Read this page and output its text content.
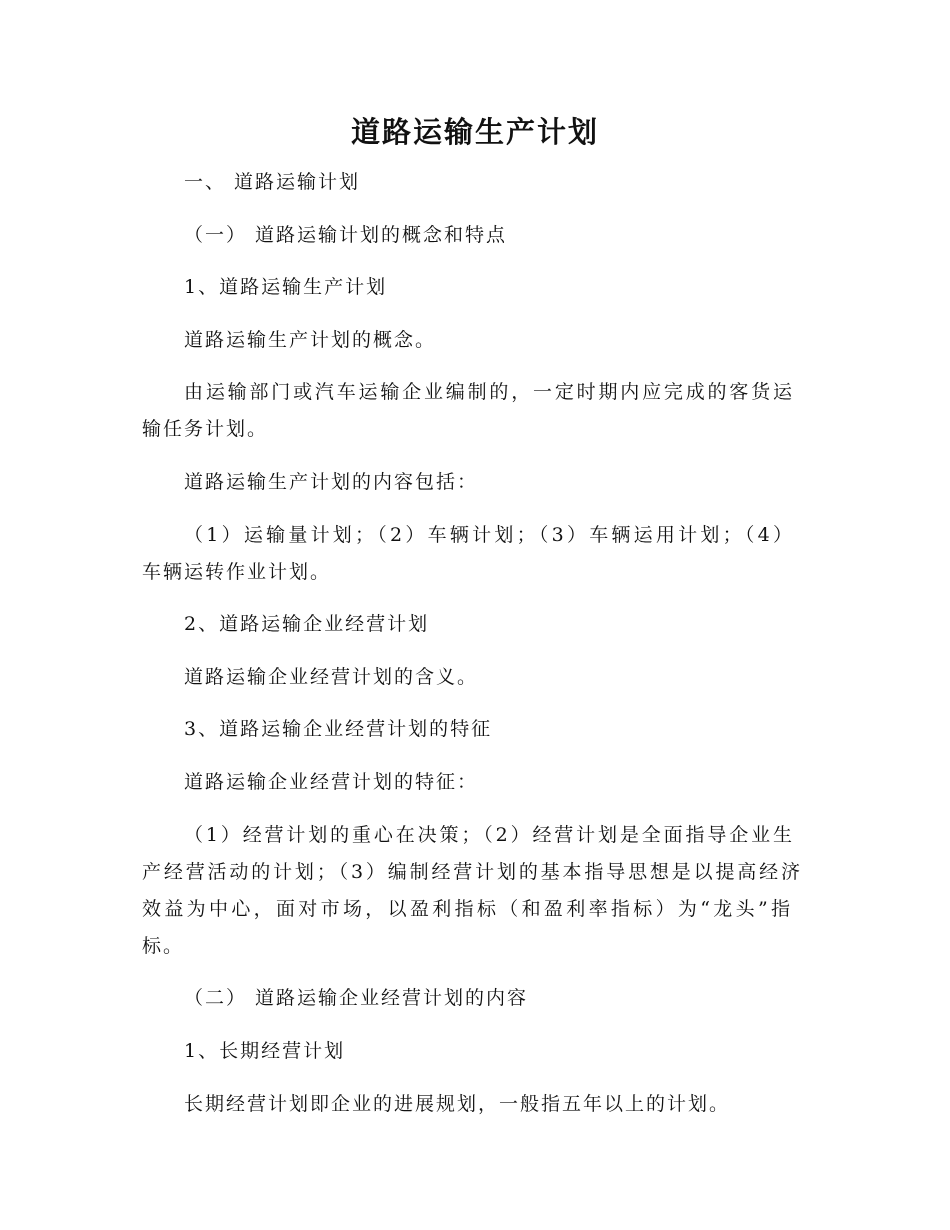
道路运输生产计划
一、 道路运输计划
（一） 道路运输计划的概念和特点
1、道路运输生产计划
道路运输生产计划的概念。
由运输部门或汽车运输企业编制的，一定时期内应完成的客货运
输任务计划。
道路运输生产计划的内容包括：
（1）运输量计划；（2）车辆计划；（3）车辆运用计划；（4）
车辆运转作业计划。
2、道路运输企业经营计划
道路运输企业经营计划的含义。
3、道路运输企业经营计划的特征
道路运输企业经营计划的特征：
（1）经营计划的重心在决策；（2）经营计划是全面指导企业生
产经营活动的计划；（3）编制经营计划的基本指导思想是以提高经济
效益为中心，面对市场，以盈利指标（和盈利率指标）为“龙头”指
标。
（二） 道路运输企业经营计划的内容
1、长期经营计划
长期经营计划即企业的进展规划，一般指五年以上的计划。
